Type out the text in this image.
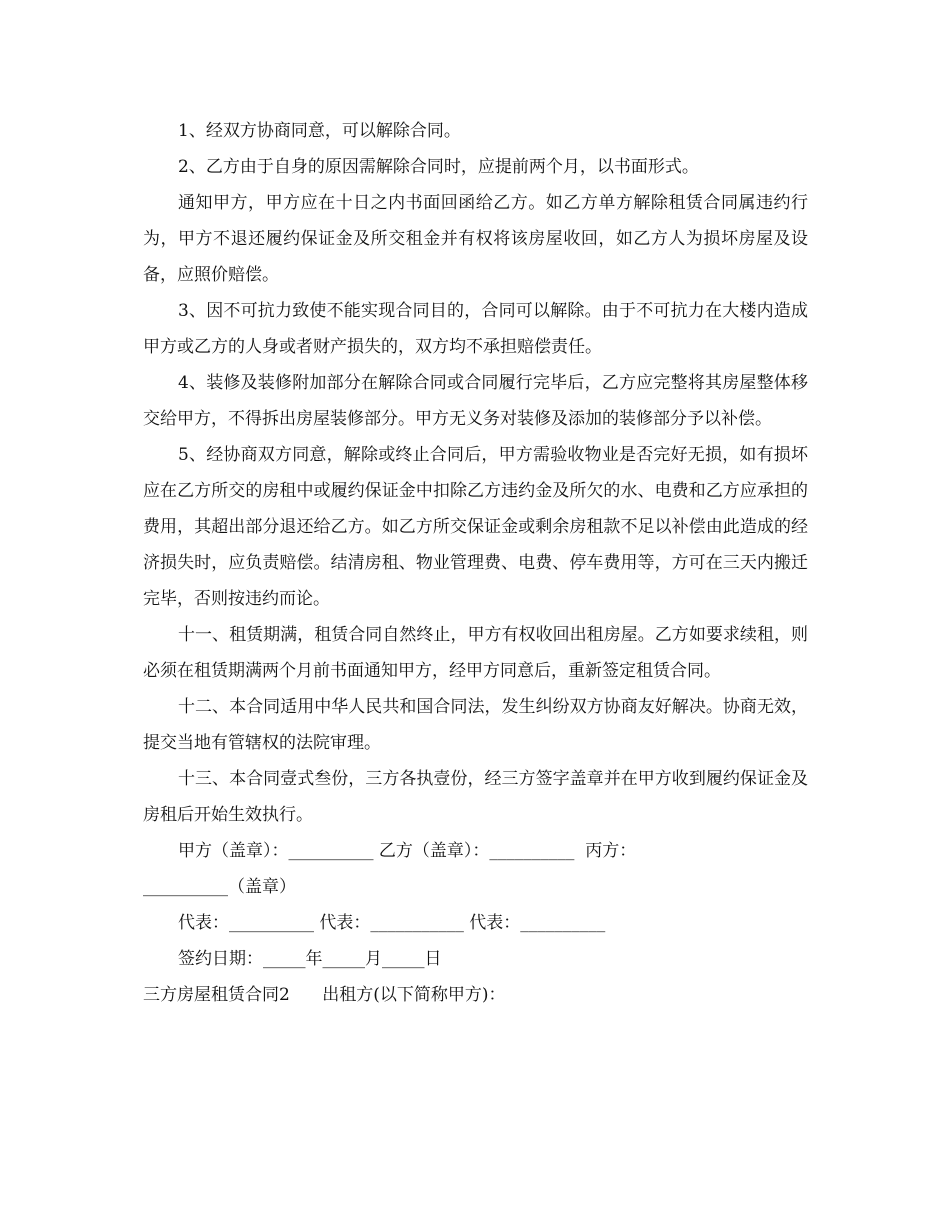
1、经双方协商同意，可以解除合同。

2、乙方由于自身的原因需解除合同时，应提前两个月，以书面形式。

通知甲方，甲方应在十日之内书面回函给乙方。如乙方单方解除租赁合同属违约行为，甲方不退还履约保证金及所交租金并有权将该房屋收回，如乙方人为损坏房屋及设备，应照价赔偿。

3、因不可抗力致使不能实现合同目的，合同可以解除。由于不可抗力在大楼内造成甲方或乙方的人身或者财产损失的，双方均不承担赔偿责任。

4、装修及装修附加部分在解除合同或合同履行完毕后，乙方应完整将其房屋整体移交给甲方，不得拆出房屋装修部分。甲方无义务对装修及添加的装修部分予以补偿。

5、经协商双方同意，解除或终止合同后，甲方需验收物业是否完好无损，如有损坏应在乙方所交的房租中或履约保证金中扣除乙方违约金及所欠的水、电费和乙方应承担的费用，其超出部分退还给乙方。如乙方所交保证金或剩余房租款不足以补偿由此造成的经济损失时，应负责赔偿。结清房租、物业管理费、电费、停车费用等，方可在三天内搬迁完毕，否则按违约而论。

十一、租赁期满，租赁合同自然终止，甲方有权收回出租房屋。乙方如要求续租，则必须在租赁期满两个月前书面通知甲方，经甲方同意后，重新签定租赁合同。

十二、本合同适用中华人民共和国合同法，发生纠纷双方协商友好解决。协商无效，提交当地有管辖权的法院审理。

十三、本合同壹式叁份，三方各执壹份，经三方签字盖章并在甲方收到履约保证金及房租后开始生效执行。

甲方（盖章）：__________ 乙方（盖章）：__________  丙方：

__________（盖章）

代表：__________ 代表：___________ 代表：__________

签约日期：_____年_____月_____日

三方房屋租赁合同2      出租方(以下简称甲方)：
